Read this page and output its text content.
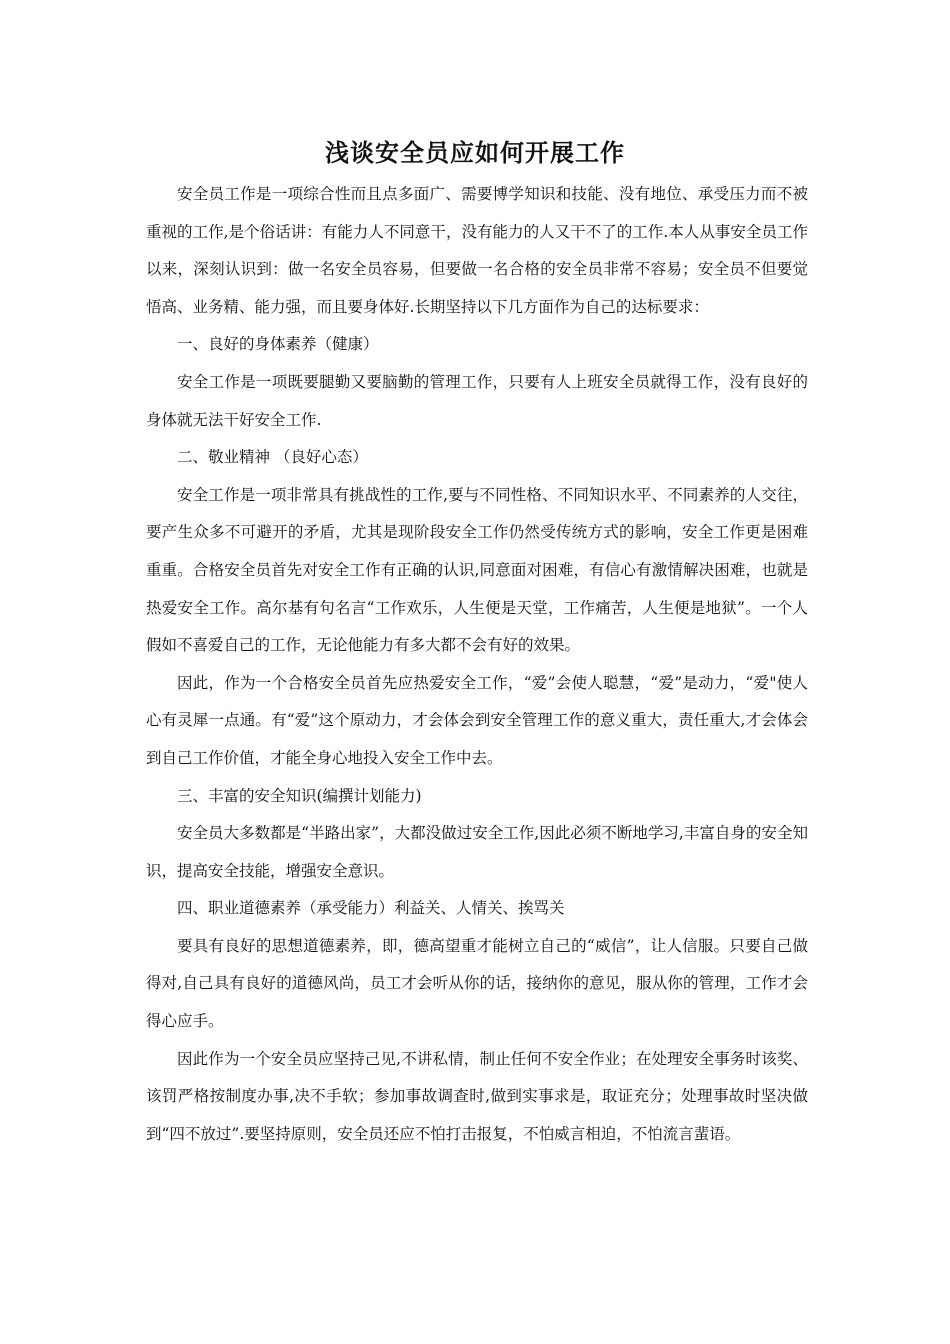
浅谈安全员应如何开展工作

安全员工作是一项综合性而且点多面广、需要博学知识和技能、没有地位、承受压力而不被重视的工作,是个俗话讲：有能力人不同意干，没有能力的人又干不了的工作.本人从事安全员工作以来，深刻认识到：做一名安全员容易，但要做一名合格的安全员非常不容易；安全员不但要觉悟高、业务精、能力强，而且要身体好.长期坚持以下几方面作为自己的达标要求：

一、良好的身体素养（健康）

安全工作是一项既要腿勤又要脑勤的管理工作，只要有人上班安全员就得工作，没有良好的身体就无法干好安全工作.

二、敬业精神 （良好心态）

安全工作是一项非常具有挑战性的工作,要与不同性格、不同知识水平、不同素养的人交往，要产生众多不可避开的矛盾，尤其是现阶段安全工作仍然受传统方式的影响，安全工作更是困难重重。合格安全员首先对安全工作有正确的认识,同意面对困难，有信心有激情解决困难，也就是热爱安全工作。高尔基有句名言“工作欢乐，人生便是天堂，工作痛苦，人生便是地狱”。一个人假如不喜爱自己的工作，无论他能力有多大都不会有好的效果。

因此，作为一个合格安全员首先应热爱安全工作，“爱”会使人聪慧，“爱”是动力，“爱"使人心有灵犀一点通。有“爱”这个原动力，才会体会到安全管理工作的意义重大，责任重大,才会体会到自己工作价值，才能全身心地投入安全工作中去。

三、丰富的安全知识(编撰计划能力)

安全员大多数都是“半路出家”，大都没做过安全工作,因此必须不断地学习,丰富自身的安全知识，提高安全技能，增强安全意识。

四、职业道德素养（承受能力）利益关、人情关、挨骂关

要具有良好的思想道德素养，即，德高望重才能树立自己的“威信”，让人信服。只要自己做得对,自己具有良好的道德风尚，员工才会听从你的话，接纳你的意见，服从你的管理，工作才会得心应手。

因此作为一个安全员应坚持己见,不讲私情，制止任何不安全作业；在处理安全事务时该奖、该罚严格按制度办事,决不手软；参加事故调查时,做到实事求是，取证充分；处理事故时坚决做到“四不放过”.要坚持原则，安全员还应不怕打击报复，不怕威言相迫，不怕流言蜚语。
